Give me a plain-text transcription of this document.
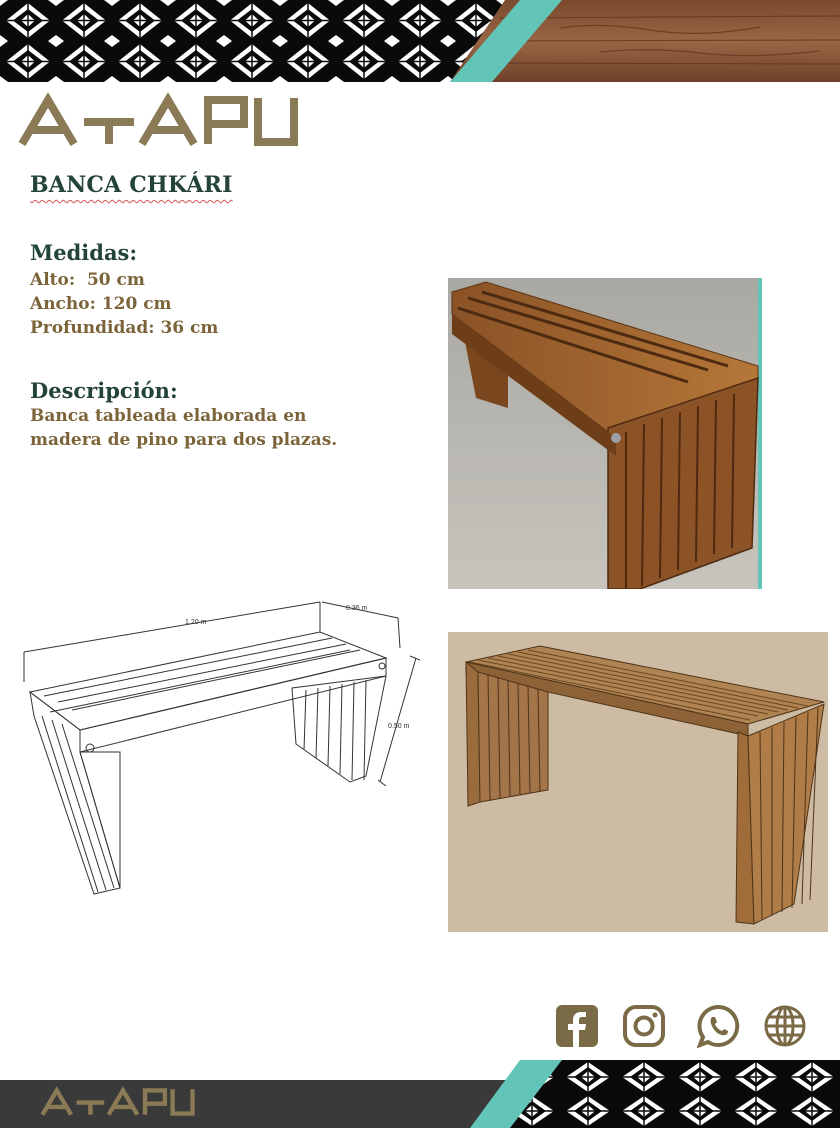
BANCA CHKÁRI
Medidas:

Alto:  50 cm

Ancho: 120 cm

Profundidad: 36 cm

Descripción:

Banca tableada elaborada en madera de pino para dos plazas.

1.20 m
0.36 m
0.50 m
